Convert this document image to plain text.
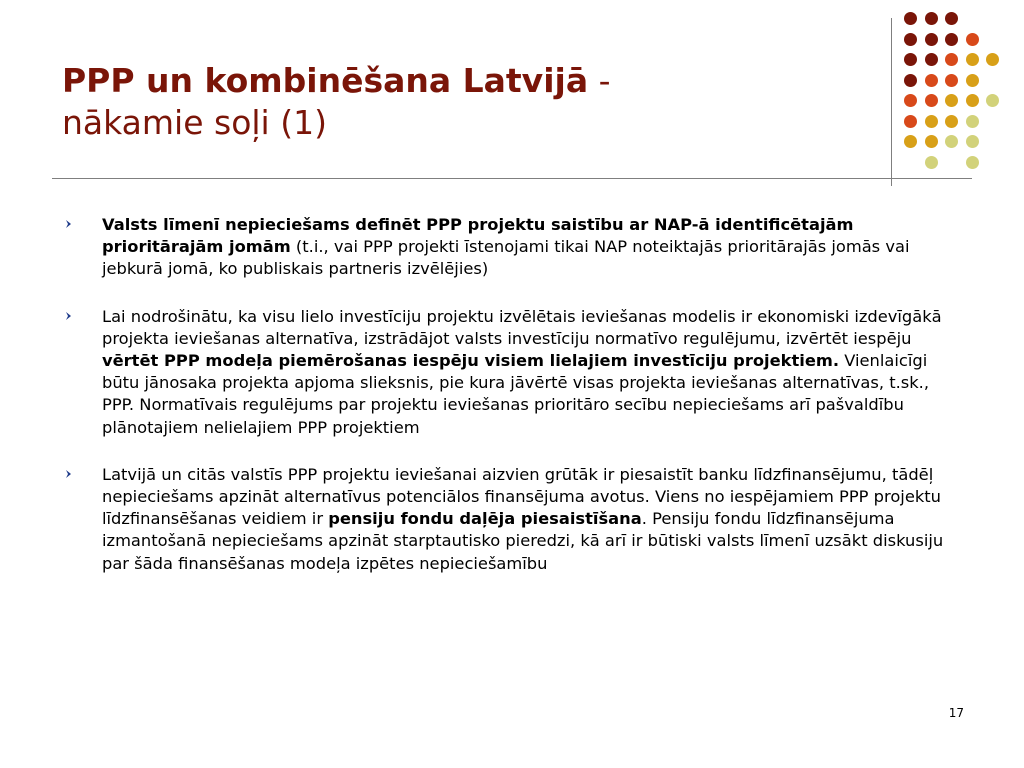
PPP un kombinēšana Latvijā -
nākamie soļi (1)
Valsts līmenī nepieciešams definēt PPP projektu saistību ar NAP-ā identificētajām prioritārajām jomām (t.i., vai PPP projekti īstenojami tikai NAP noteiktajās prioritārajās jomās vai jebkurā jomā, ko publiskais partneris izvēlējies)
Lai nodrošinātu, ka visu lielo investīciju projektu izvēlētais ieviešanas modelis ir ekonomiski izdevīgākā projekta ieviešanas alternatīva, izstrādājot valsts investīciju normatīvo regulējumu, izvērtēt iespēju vērtēt PPP modeļa piemērošanas iespēju visiem lielajiem investīciju projektiem. Vienlaicīgi būtu jānosaka projekta apjoma slieksnis, pie kura jāvērtē visas projekta ieviešanas alternatīvas, t.sk., PPP. Normatīvais regulējums par projektu ieviešanas prioritāro secību nepieciešams arī pašvaldību plānotajiem nelielajiem PPP projektiem
Latvijā un citās valstīs PPP projektu ieviešanai aizvien grūtāk ir piesaistīt banku līdzfinansējumu, tādēļ nepieciešams apzināt alternatīvus potenciālos finansējuma avotus. Viens no iespējamiem PPP projektu līdzfinansēšanas veidiem ir pensiju fondu daļēja piesaistīšana. Pensiju fondu līdzfinansējuma izmantošanā nepieciešams apzināt starptautisko pieredzi, kā arī ir būtiski valsts līmenī uzsākt diskusiju par šāda finansēšanas modeļa izpētes nepieciešamību
17
